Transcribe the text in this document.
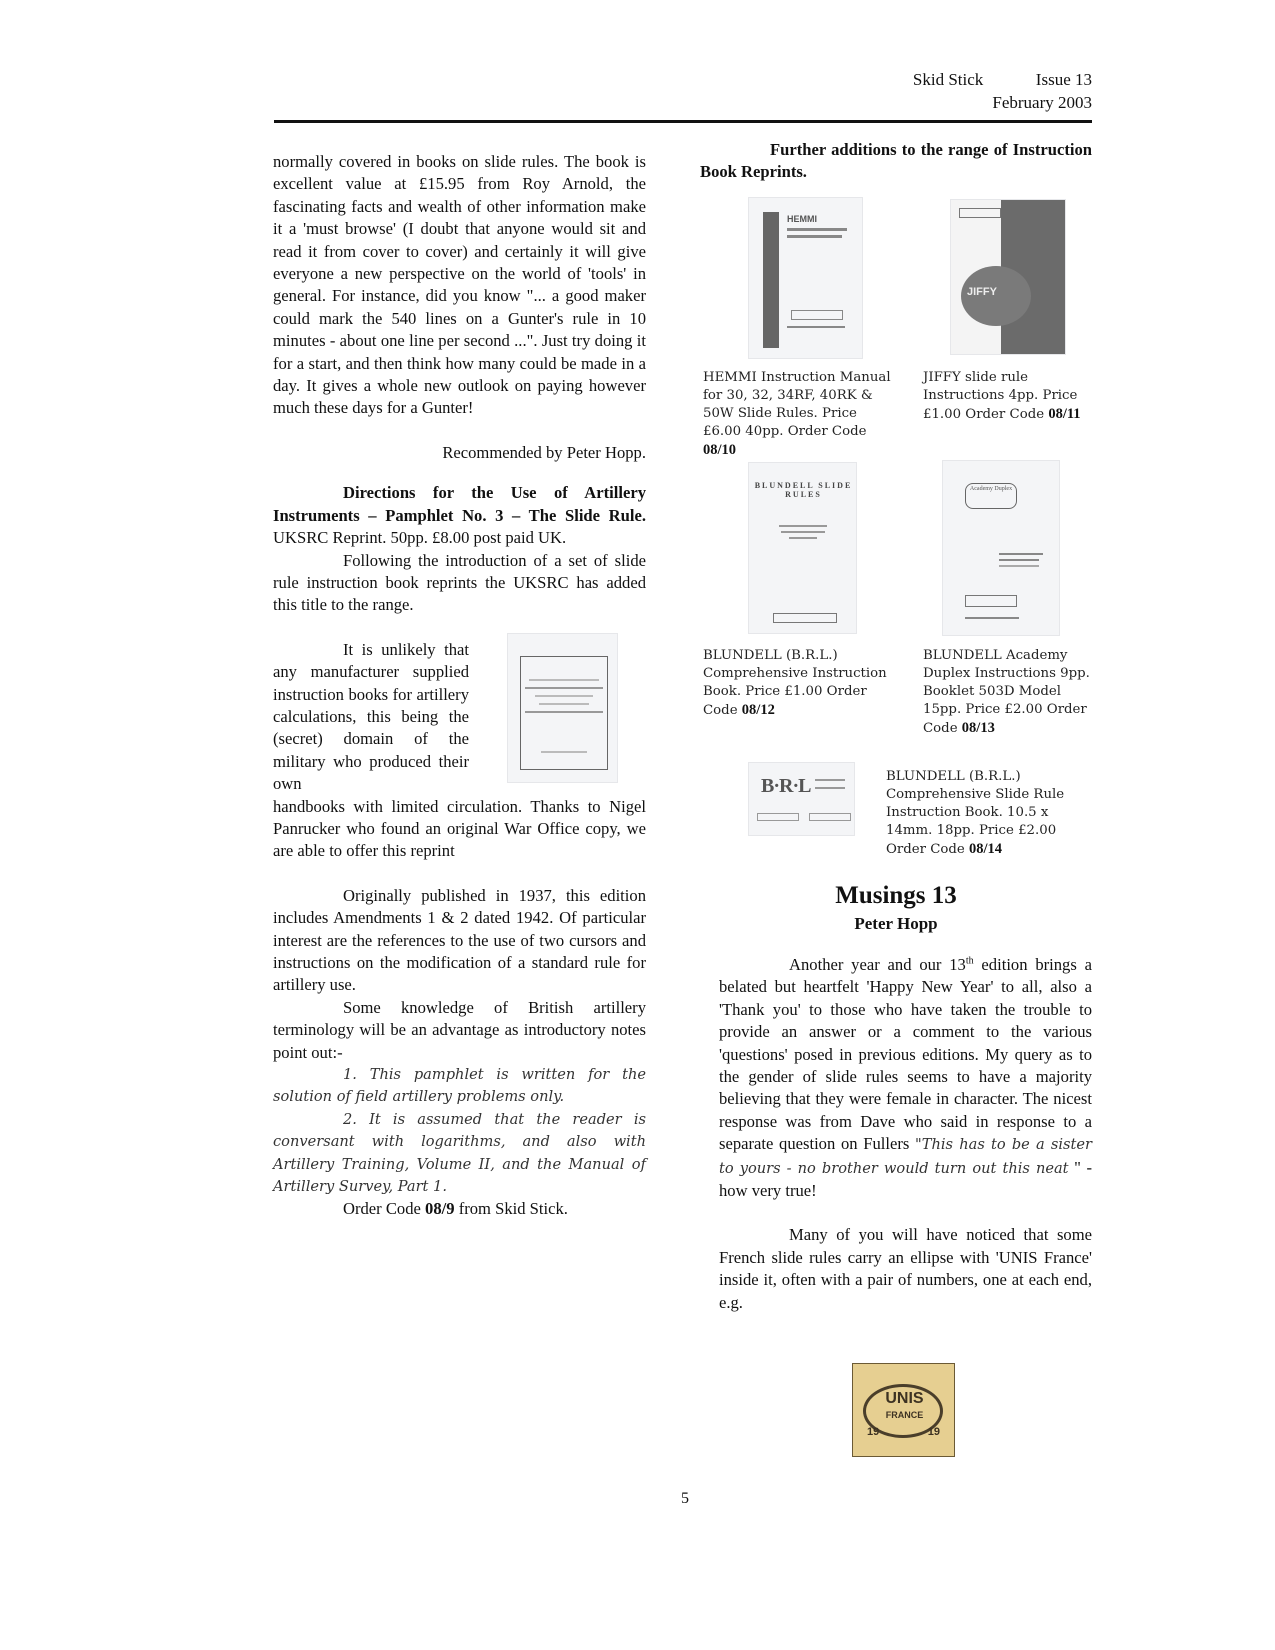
Skid Stick	Issue 13
February 2003

normally covered in books on slide rules. The book is excellent value at £15.95 from Roy Arnold, the fascinating facts and wealth of other information make it a 'must browse' (I doubt that anyone would sit and read it from cover to cover) and certainly it will give everyone a new perspective on the world of 'tools' in general. For instance, did you know "... a good maker could mark the 540 lines on a Gunter's rule in 10 minutes - about one line per second ...". Just try doing it for a start, and then think how many could be made in a day. It gives a whole new outlook on paying however much these days for a Gunter!

Recommended by Peter Hopp.

Directions for the Use of Artillery Instruments – Pamphlet No. 3 – The Slide Rule. UKSRC Reprint. 50pp. £8.00 post paid UK.

Following the introduction of a set of slide rule instruction book reprints the UKSRC has added this title to the range.

It is unlikely that any manufacturer supplied instruction books for artillery calculations, this being the (secret) domain of the military who produced their own

handbooks with limited circulation. Thanks to Nigel Panrucker who found an original War Office copy, we are able to offer this reprint

Originally published in 1937, this edition includes Amendments 1 & 2 dated 1942. Of particular interest are the references to the use of two cursors and instructions on the modification of a standard rule for artillery use.

Some knowledge of British artillery terminology will be an advantage as introductory notes point out:-

1. This pamphlet is written for the solution of field artillery problems only.

2. It is assumed that the reader is conversant with logarithms, and also with Artillery Training, Volume II, and the Manual of Artillery Survey, Part 1.

Order Code 08/9 from Skid Stick.

Further additions to the range of Instruction Book Reprints.
HEMMI
HEMMI Instruction Manual for 30, 32, 34RF, 40RK & 50W Slide Rules. Price £6.00 40pp. Order Code 08/10
JIFFY
JIFFY slide rule Instructions 4pp. Price £1.00 Order Code 08/11
BLUNDELL SLIDE RULES
BLUNDELL (B.R.L.) Comprehensive Instruction Book. Price £1.00 Order Code 08/12
Academy Duplex
BLUNDELL Academy Duplex Instructions 9pp. Booklet 503D Model 15pp. Price £2.00 Order Code 08/13
B·R·L	BLUNDELL (B.R.L.) Comprehensive Slide Rule Instruction Book. 10.5 x 14mm. 18pp. Price £2.00 Order Code 08/14
Musings 13
Peter Hopp

Another year and our 13th edition brings a belated but heartfelt 'Happy New Year' to all, also a 'Thank you' to those who have taken the trouble to provide an answer or a comment to the various 'questions' posed in previous editions. My query as to the gender of slide rules seems to have a majority believing that they were female in character. The nicest response was from Dave who said in response to a separate question on Fullers "This has to be a sister to yours - no brother would turn out this neat " - how very true!

Many of you will have noticed that some French slide rules carry an ellipse with 'UNIS France' inside it, often with a pair of numbers, one at each end, e.g.

UNIS
FRANCE
19	19
5
